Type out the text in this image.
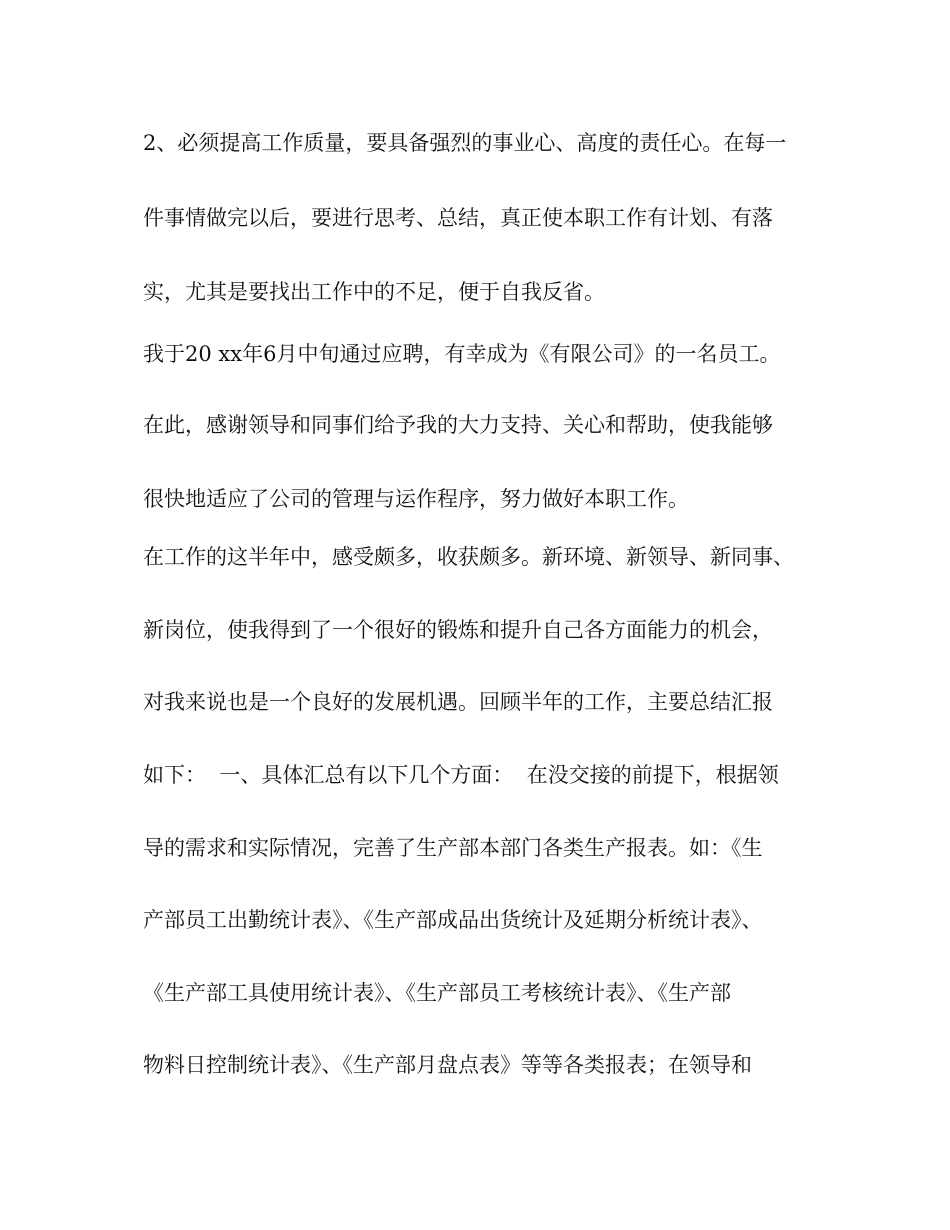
2、必须提高工作质量，要具备强烈的事业心、高度的责任心。在每一
件事情做完以后，要进行思考、总结，真正使本职工作有计划、有落
实，尤其是要找出工作中的不足，便于自我反省。
我于20 xx年6月中旬通过应聘，有幸成为《有限公司》的一名员工。
在此，感谢领导和同事们给予我的大力支持、关心和帮助，使我能够
很快地适应了公司的管理与运作程序，努力做好本职工作。
在工作的这半年中，感受颇多，收获颇多。新环境、新领导、新同事、
新岗位，使我得到了一个很好的锻炼和提升自己各方面能力的机会，
对我来说也是一个良好的发展机遇。回顾半年的工作，主要总结汇报
如下：  一、具体汇总有以下几个方面：  在没交接的前提下，根据领
导的需求和实际情况，完善了生产部本部门各类生产报表。如：《生
产部员工出勤统计表》、《生产部成品出货统计及延期分析统计表》、
《生产部工具使用统计表》、《生产部员工考核统计表》、《生产部
物料日控制统计表》、《生产部月盘点表》等等各类报表；在领导和
